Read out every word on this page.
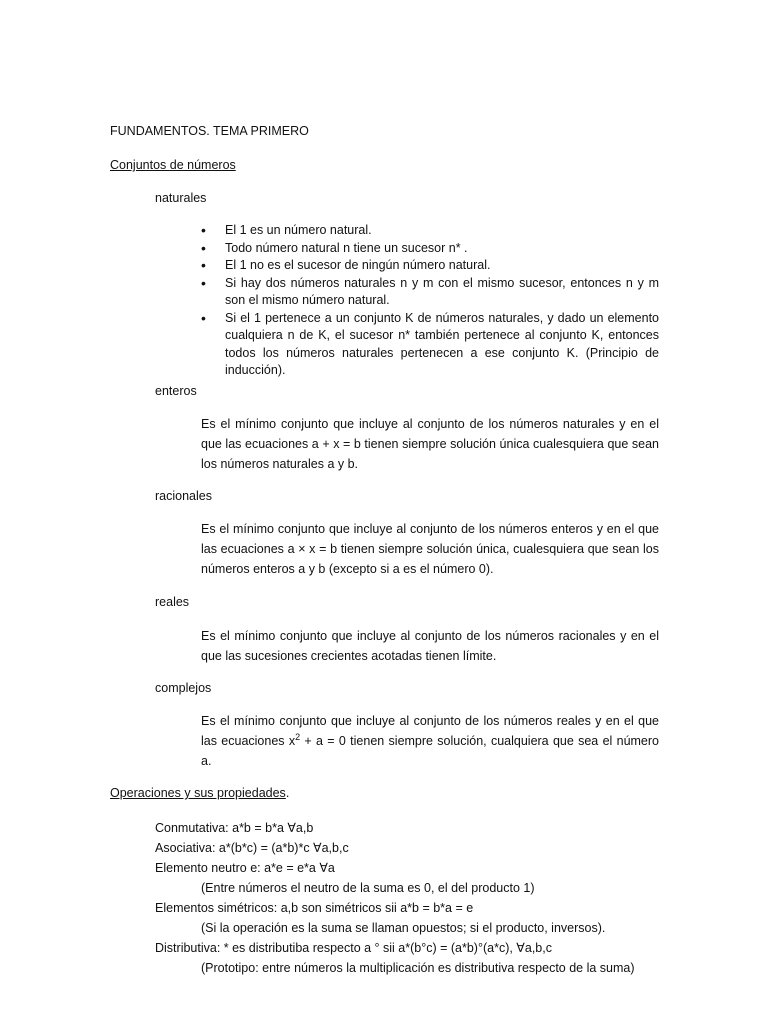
FUNDAMENTOS. TEMA PRIMERO
Conjuntos de números
naturales
• El 1 es un número natural.
• Todo número natural n tiene un sucesor n* .
• El 1 no es el sucesor de ningún número natural.
• Si hay dos números naturales n y m con el mismo sucesor, entonces n y m son el mismo número natural.
• Si el 1 pertenece a un conjunto K de números naturales, y dado un elemento cualquiera n de K, el sucesor n* también pertenece al conjunto K, entonces todos los números naturales pertenecen a ese conjunto K. (Principio de inducción).
enteros
Es el mínimo conjunto que incluye al conjunto de los números naturales y en el que las ecuaciones a + x = b tienen siempre solución única cualesquiera que sean los números naturales a y b.
racionales
Es el mínimo conjunto que incluye al conjunto de los números enteros y en el que las ecuaciones a × x = b tienen siempre solución única, cualesquiera que sean los números enteros a y b (excepto si a es el número 0).
reales
Es el mínimo conjunto que incluye al conjunto de los números racionales y en el que las sucesiones crecientes acotadas tienen límite.
complejos
Es el mínimo conjunto que incluye al conjunto de los números reales y en el que las ecuaciones $x^2 + a = 0$ tienen siempre solución, cualquiera que sea el número a.
Operaciones y sus propiedades.
Conmutativa: a*b = b*a ∀a,b
Asociativa: a*(b*c) = (a*b)*c ∀a,b,c
Elemento neutro e: a*e = e*a ∀a
(Entre números el neutro de la suma es 0, el del producto 1)
Elementos simétricos: a,b son simétricos sii a*b = b*a = e
(Si la operación es la suma se llaman opuestos; si el producto, inversos).
Distributiva: * es distributiba respecto a ° sii a*(b°c) = (a*b)°(a*c), ∀a,b,c
(Prototipo: entre números la multiplicación es distributiva respecto de la suma)
